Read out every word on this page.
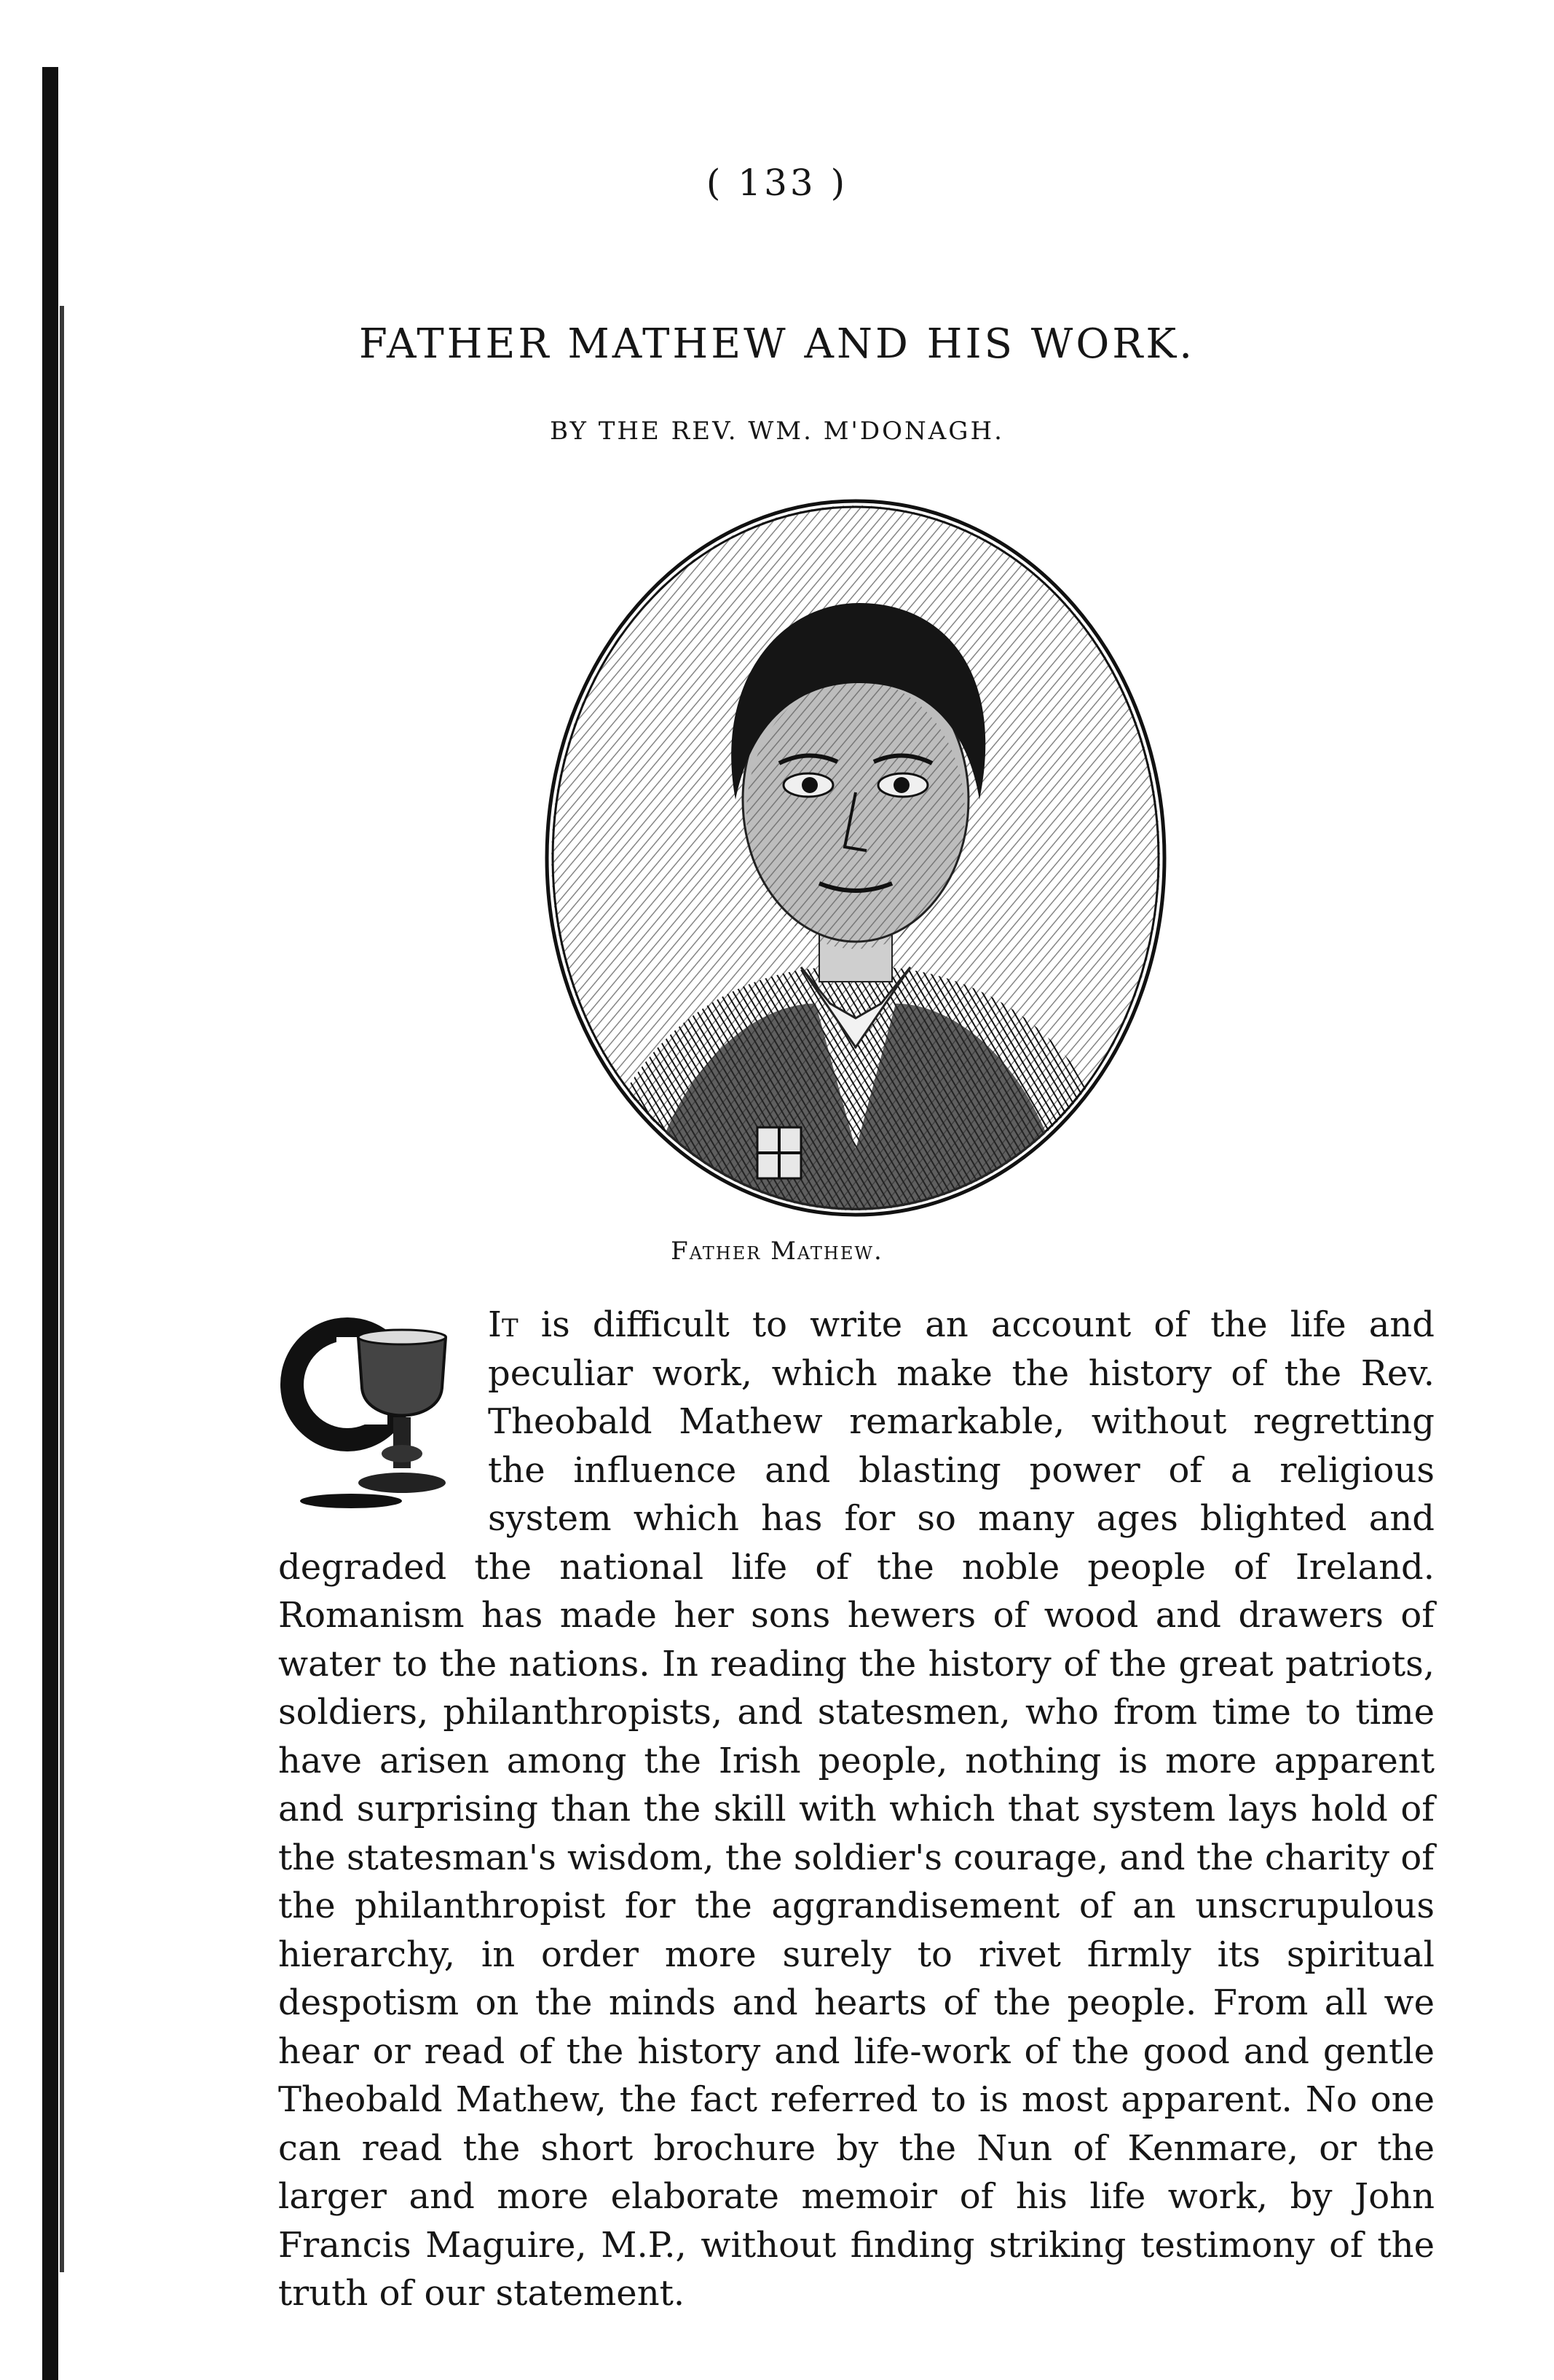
( 133 )
FATHER MATHEW AND HIS WORK.
BY THE REV. WM. M'DONAGH.
Father Mathew.
It is difficult to write an account of the life and peculiar work, which make the history of the Rev. Theobald Mathew remarkable, without regretting the influence and blasting power of a religious system which has for so many ages blighted and degraded the national life of the noble people of Ireland. Romanism has made her sons hewers of wood and drawers of water to the nations. In reading the history of the great patriots, soldiers, philanthropists, and statesmen, who from time to time have arisen among the Irish people, nothing is more apparent and surprising than the skill with which that system lays hold of the statesman's wisdom, the soldier's courage, and the charity of the philanthropist for the aggrandisement of an unscrupulous hierarchy, in order more surely to rivet firmly its spiritual despotism on the minds and hearts of the people. From all we hear or read of the history and life-work of the good and gentle Theobald Mathew, the fact referred to is most apparent. No one can read the short brochure by the Nun of Kenmare, or the larger and more elaborate memoir of his life work, by John Francis Maguire, M.P., without finding striking testimony of the truth of our statement.
